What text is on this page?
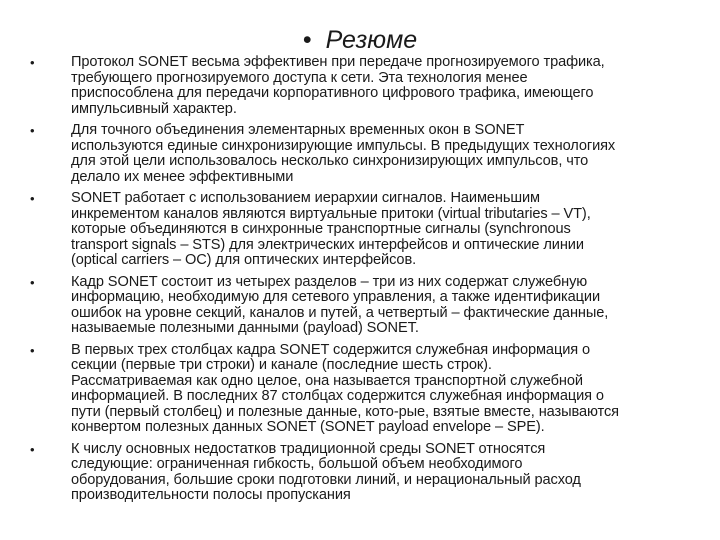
• Резюме
•	Протокол SONET весьма эффективен при передаче прогнозируемого трафика,
требующего прогнозируемого доступа к сети. Эта технология менее
приспособлена для передачи корпоративного цифрового трафика, имеющего
импульсивный характер.
•	Для точного объединения элементарных временных окон в SONET
используются единые синхронизирующие импульсы. В предыдущих технологиях
для этой цели использовалось несколько синхронизирующих импульсов, что
делало их менее эффективными
•	SONET работает с использованием иерархии сигналов. Наименьшим
инкрементом каналов являются виртуальные притоки (virtual tributaries – VT),
которые объединяются в синхронные транспортные сигналы (synchronous
transport signals – STS) для электрических интерфейсов и оптические линии
(optical carriers – OC) для оптических интерфейсов.
•	Кадр SONET состоит из четырех разделов – три из них содержат служебную
информацию, необходимую для сетевого управления, а также идентификации
ошибок на уровне секций, каналов и путей, а четвертый – фактические данные,
называемые полезными данными (payload) SONET.
•	В первых трех столбцах кадра SONET содержится служебная информация о
секции (первые три строки) и канале (последние шесть строк).
Рассматриваемая как одно целое, она называется транспортной служебной
информацией. В последних 87 столбцах содержится служебная информация о
пути (первый столбец) и полезные данные, кото-рые, взятые вместе, называются
конвертом полезных данных SONET (SONET payload envelope – SPE).
•	К числу основных недостатков традиционной среды SONET относятся
следующие: ограниченная гибкость, большой объем необходимого
оборудования, большие сроки подготовки линий, и нерациональный расход
производительности полосы пропускания
